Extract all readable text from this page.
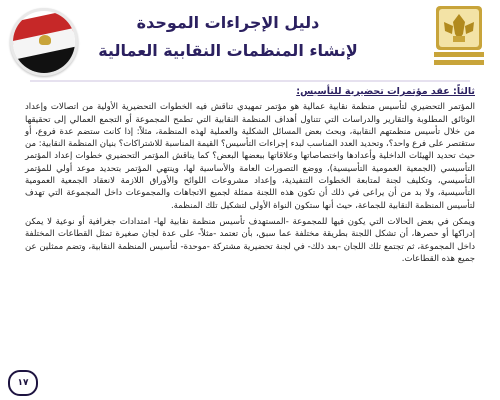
دليل الإجراءات الموحدة
لإنشاء المنظمات النقابية العمالية
ثالثاً: عقد مؤتمرات تحضيرية للتأسيس:

المؤتمر التحضيري لتأسيس منظمة نقابية عمالية هو مؤتمر تمهيدي تناقش فيه الخطوات التحضيرية الأولية من اتصالات وإعداد الوثائق المطلوبة والتقارير والدراسات التي تتناول أهداف المنظمة النقابية التي تطمح المجموعة أو التجمع العمالي إلى تحقيقها من خلال تأسيس منظمتهم النقابية، وبحث بعض المسائل الشكلية والعملية لهذه المنظمة، مثلاً: إذا كانت ستضم عدة فروع، أو ستقتصر على فرع واحد؟، وتحديد العدد المناسب لبدء إجراءات التأسيس؟ القيمة المناسبة للاشتراكات؟ بنيان المنظمة النقابية: من حيث تحديد الهيئات الداخلية وأعدادها واختصاصاتها وعلاقاتها ببعضها البعض؟ كما يناقش المؤتمر التحضيري خطوات إعداد المؤتمر التأسيسي (الجمعية العمومية التأسيسية)، ووضع التصورات العامة والأساسية لها، وينتهي المؤتمر بتحديد موعد أولي للمؤتمر التأسيسي، وتكليف لجنة لمتابعة الخطوات التنفيذية، وإعداد مشروعات اللوائح والأوراق اللازمة لانعقاد الجمعية العمومية التأسيسية، ولا بد من أن يراعى في ذلك أن تكون هذه اللجنة ممثلة لجميع الاتجاهات والمجموعات داخل المجموعة التي تهدف لتأسيس المنظمة النقابية للجماعة، حيث أنها ستكون النواة الأولى لتشكيل تلك المنظمة.

ويمكن في بعض الحالات التي يكون فيها للمجموعة -المستهدف تأسيس منظمة نقابية لها- امتدادات جغرافية أو نوعية لا يمكن إدراكها أو حصرها، أن تشكل اللجنة بطريقة مختلفة عما سبق، بأن تعتمد -مثلاً- على عدة لجان صغيرة تمثل القطاعات المختلفة داخل المجموعة، ثم تجتمع تلك اللجان -بعد ذلك- في لجنة تحضيرية مشتركة -موحدة- لتأسيس المنظمة النقابية، وتضم ممثلين عن جميع هذه القطاعات.

١٧
